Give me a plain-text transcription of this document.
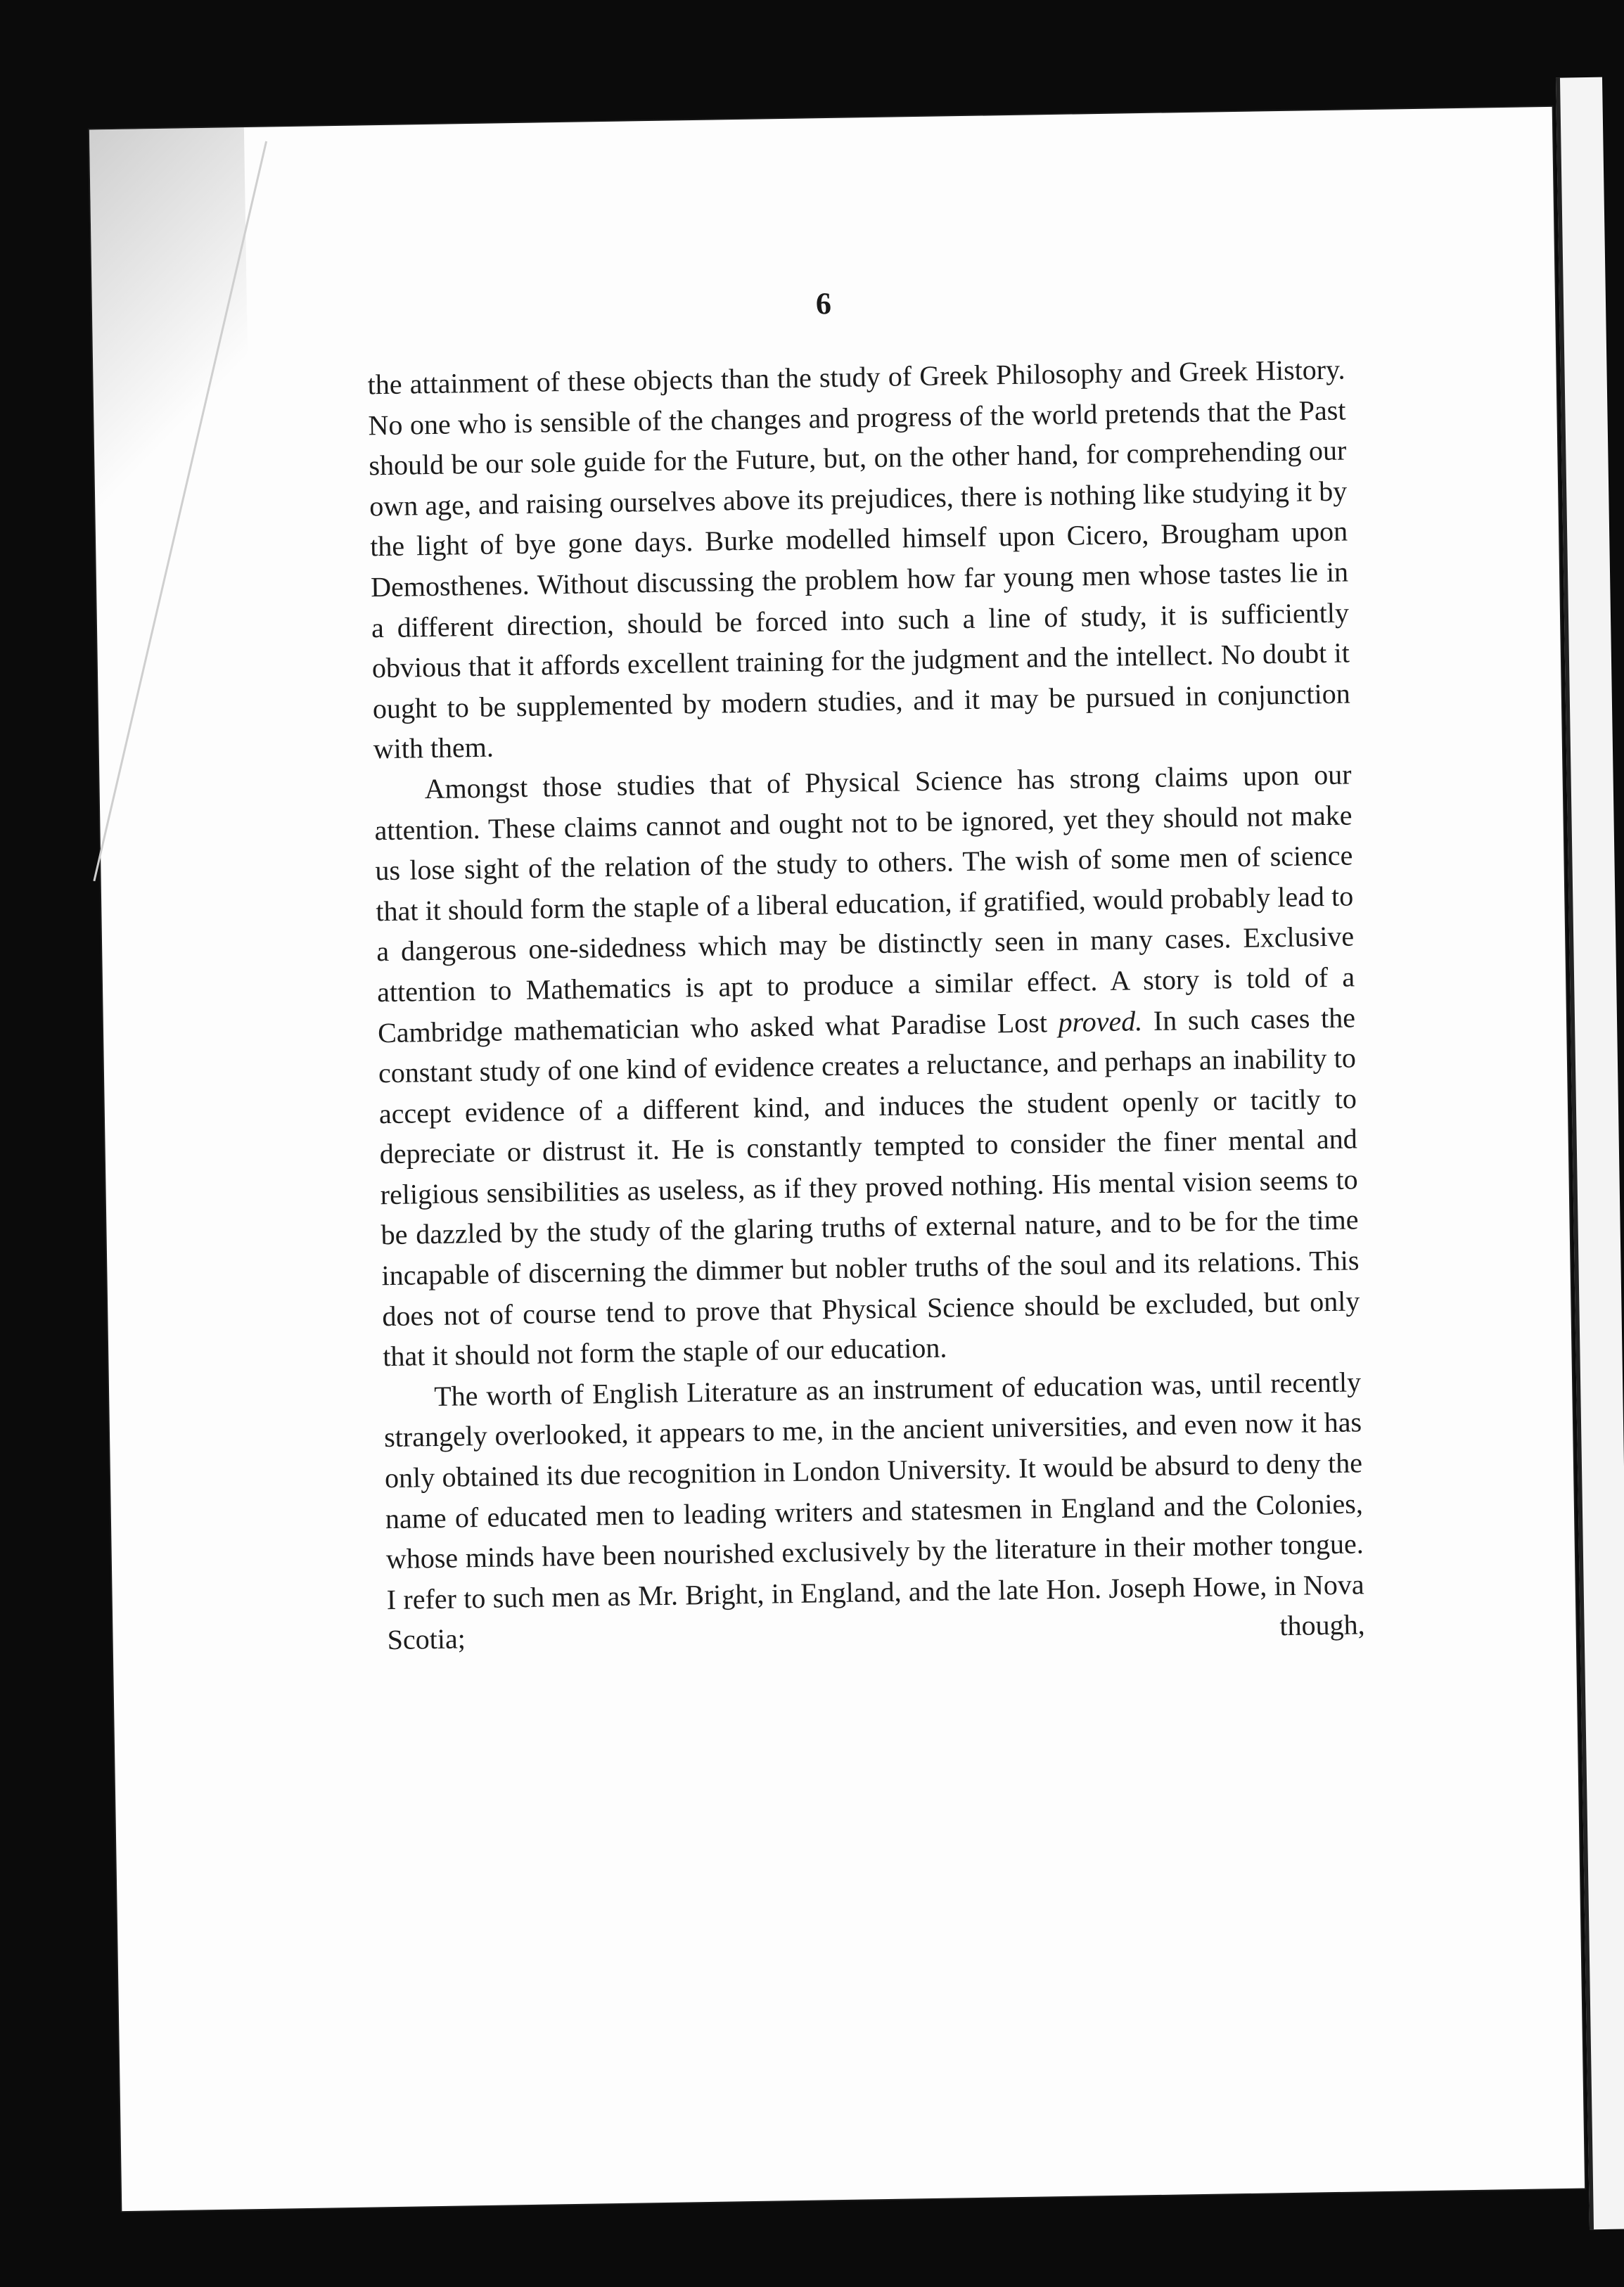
6

the attainment of these objects than the study of Greek Philosophy and Greek History. No one who is sensible of the changes and progress of the world pretends that the Past should be our sole guide for the Future, but, on the other hand, for comprehending our own age, and raising ourselves above its prejudices, there is nothing like studying it by the light of bye gone days. Burke modelled himself upon Cicero, Brougham upon Demosthenes. Without discussing the problem how far young men whose tastes lie in a different direction, should be forced into such a line of study, it is sufficiently obvious that it affords excellent training for the judgment and the intellect. No doubt it ought to be supplemented by modern studies, and it may be pursued in conjunction with them.

Amongst those studies that of Physical Science has strong claims upon our attention. These claims cannot and ought not to be ignored, yet they should not make us lose sight of the relation of the study to others. The wish of some men of science that it should form the staple of a liberal education, if gratified, would probably lead to a dangerous one-sidedness which may be distinctly seen in many cases. Exclusive attention to Mathematics is apt to produce a similar effect. A story is told of a Cambridge mathematician who asked what Paradise Lost proved. In such cases the constant study of one kind of evidence creates a reluctance, and perhaps an inability to accept evidence of a different kind, and induces the student openly or tacitly to depreciate or distrust it. He is constantly tempted to consider the finer mental and religious sensibilities as useless, as if they proved nothing. His mental vision seems to be dazzled by the study of the glaring truths of external nature, and to be for the time incapable of discerning the dimmer but nobler truths of the soul and its relations. This does not of course tend to prove that Physical Science should be excluded, but only that it should not form the staple of our education.

The worth of English Literature as an instrument of education was, until recently strangely overlooked, it appears to me, in the ancient universities, and even now it has only obtained its due recognition in London University. It would be absurd to deny the name of educated men to leading writers and statesmen in England and the Colonies, whose minds have been nourished exclusively by the literature in their mother tongue. I refer to such men as Mr. Bright, in England, and the late Hon. Joseph Howe, in Nova Scotia; though,
